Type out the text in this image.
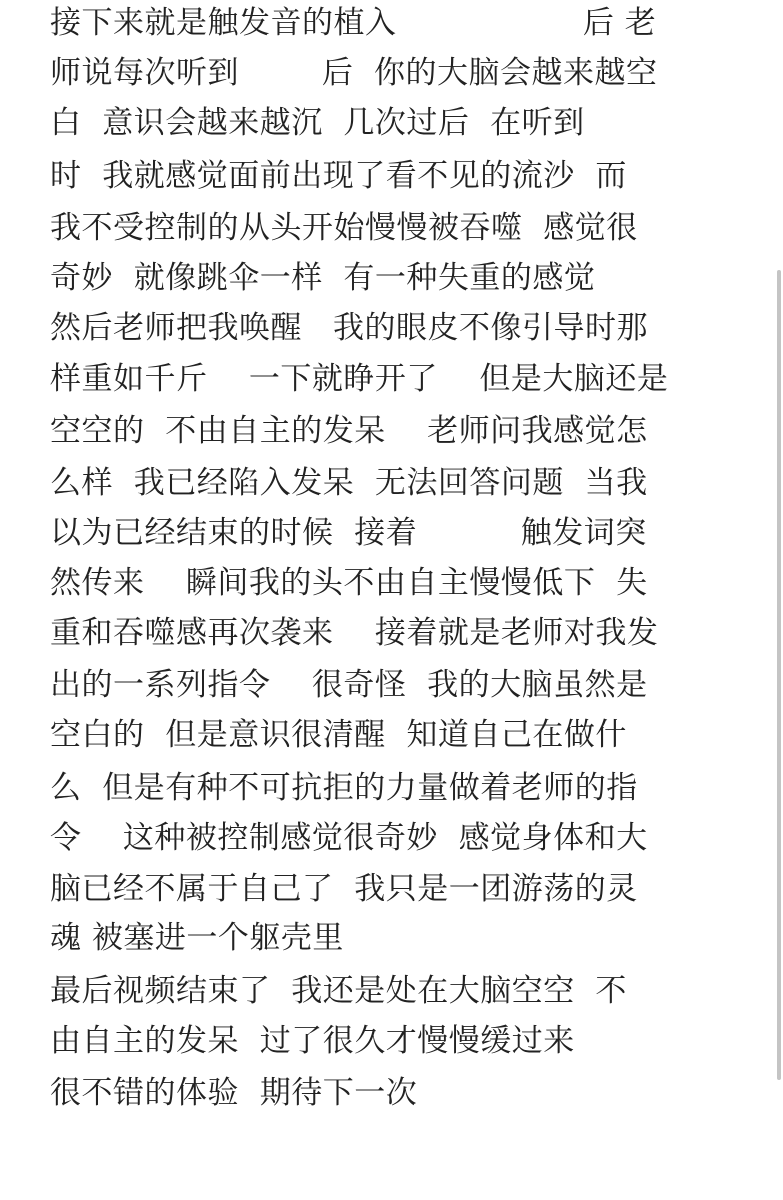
接下来就是触发音的植入                  后 老
师说每次听到        后  你的大脑会越来越空
白  意识会越来越沉  几次过后  在听到
时  我就感觉面前出现了看不见的流沙  而
我不受控制的从头开始慢慢被吞噬  感觉很
奇妙  就像跳伞一样  有一种失重的感觉
然后老师把我唤醒   我的眼皮不像引导时那
样重如千斤    一下就睁开了    但是大脑还是
空空的  不由自主的发呆    老师问我感觉怎
么样  我已经陷入发呆  无法回答问题  当我
以为已经结束的时候  接着          触发词突
然传来    瞬间我的头不由自主慢慢低下  失
重和吞噬感再次袭来    接着就是老师对我发
出的一系列指令    很奇怪  我的大脑虽然是
空白的  但是意识很清醒  知道自己在做什
么  但是有种不可抗拒的力量做着老师的指
令    这种被控制感觉很奇妙  感觉身体和大
脑已经不属于自己了  我只是一团游荡的灵
魂 被塞进一个躯壳里
最后视频结束了  我还是处在大脑空空  不
由自主的发呆  过了很久才慢慢缓过来
很不错的体验  期待下一次
